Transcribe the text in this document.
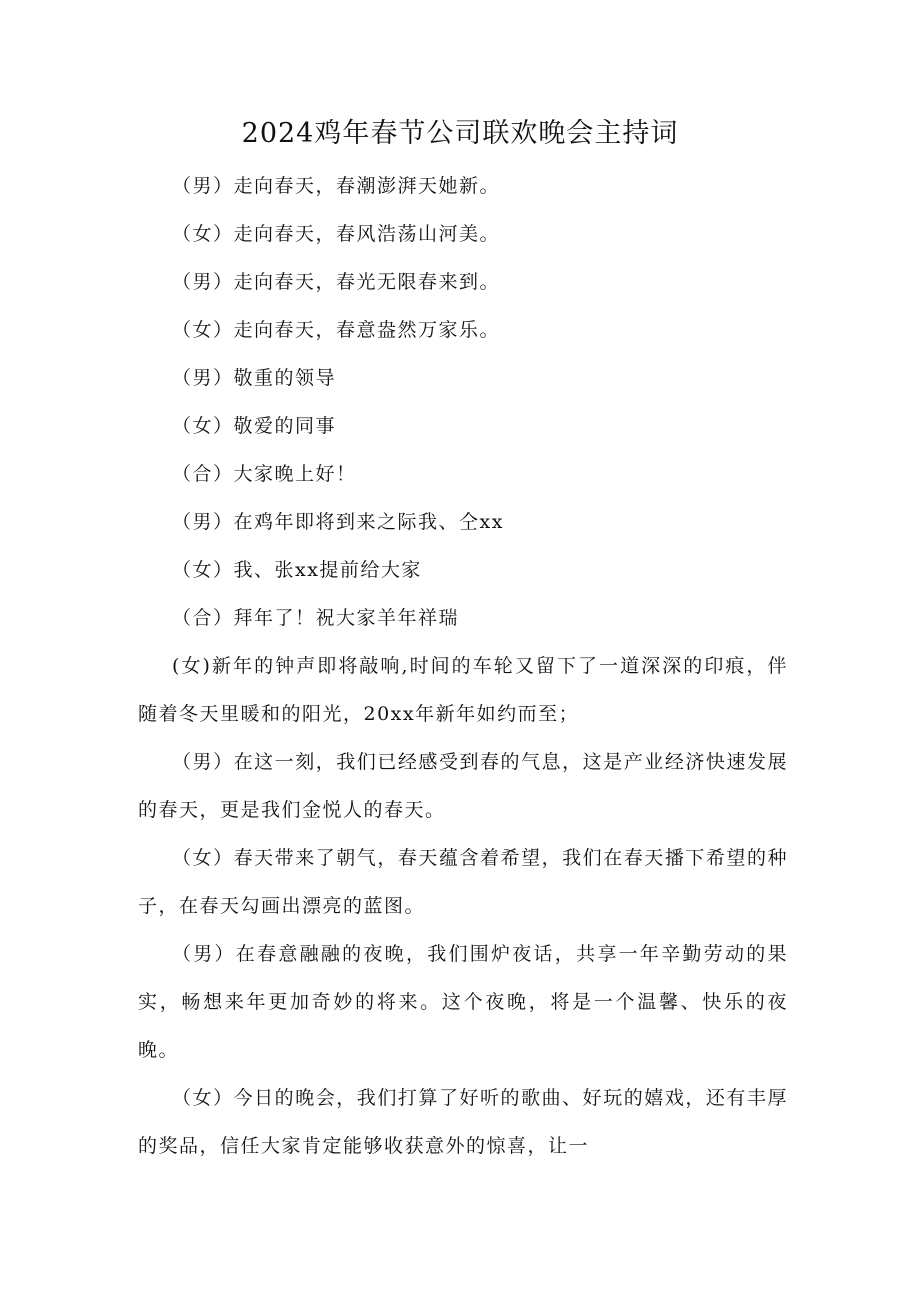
2024鸡年春节公司联欢晚会主持词
（男）走向春天，春潮澎湃天她新。
（女）走向春天，春风浩荡山河美。
（男）走向春天，春光无限春来到。
（女）走向春天，春意盎然万家乐。
（男）敬重的领导
（女）敬爱的同事
（合）大家晚上好！
（男）在鸡年即将到来之际我、仝xx
（女）我、张xx提前给大家
（合）拜年了！祝大家羊年祥瑞
(女)新年的钟声即将敲响,时间的车轮又留下了一道深深的印痕，伴随着冬天里暖和的阳光，20xx年新年如约而至；
（男）在这一刻，我们已经感受到春的气息，这是产业经济快速发展的春天，更是我们金悦人的春天。
（女）春天带来了朝气，春天蕴含着希望，我们在春天播下希望的种子，在春天勾画出漂亮的蓝图。
（男）在春意融融的夜晚，我们围炉夜话，共享一年辛勤劳动的果实，畅想来年更加奇妙的将来。这个夜晚，将是一个温馨、快乐的夜晚。
（女）今日的晚会，我们打算了好听的歌曲、好玩的嬉戏，还有丰厚的奖品，信任大家肯定能够收获意外的惊喜，让一
